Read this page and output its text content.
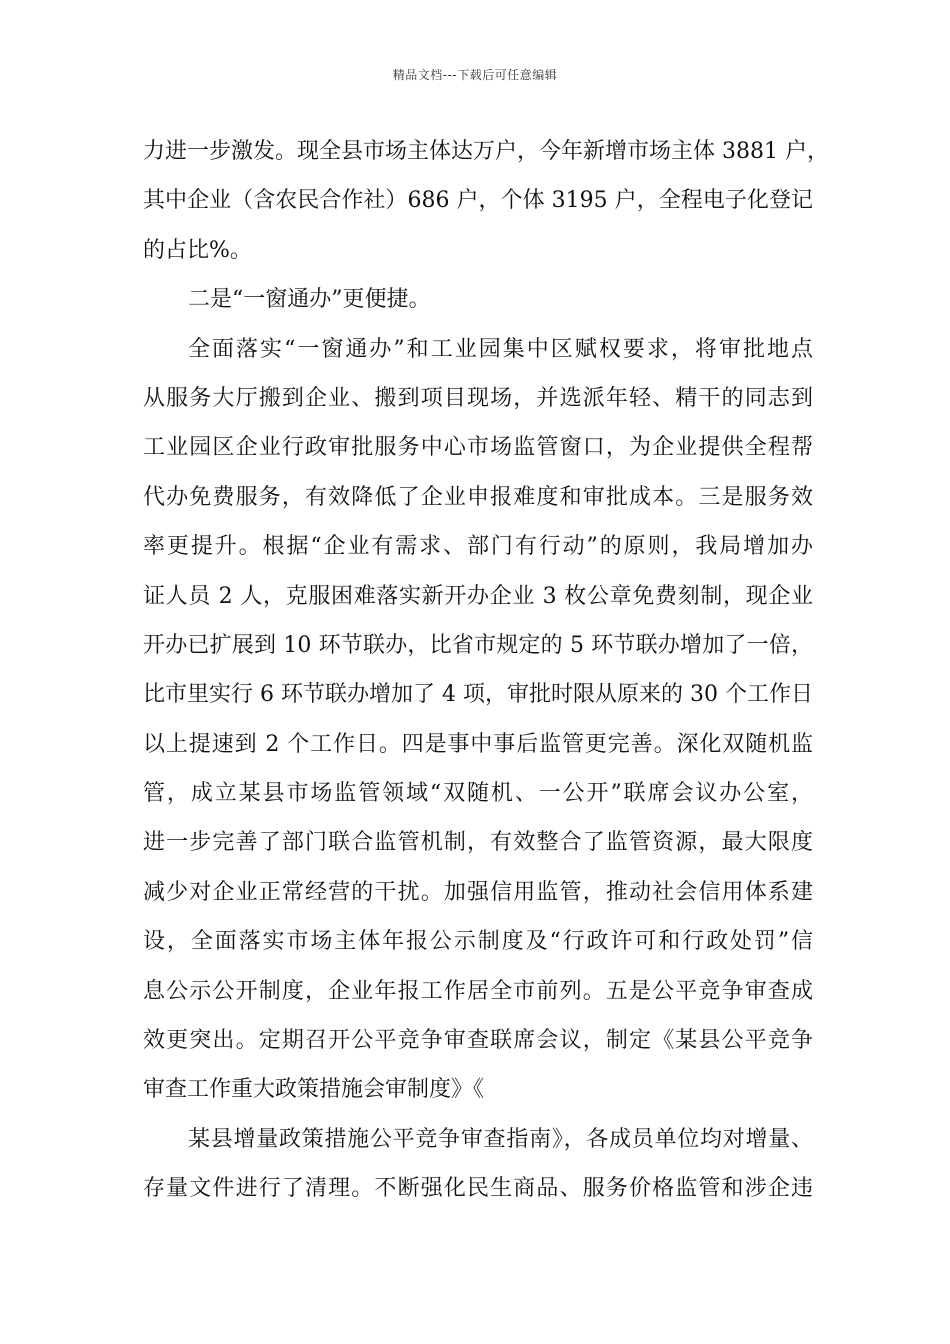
精品文档---下载后可任意编辑
力进一步激发。现全县市场主体达万户，今年新增市场主体 3881 户，
其中企业（含农民合作社）686 户，个体 3195 户，全程电子化登记
的占比%。
二是“一窗通办”更便捷。
全面落实“一窗通办”和工业园集中区赋权要求，将审批地点
从服务大厅搬到企业、搬到项目现场，并选派年轻、精干的同志到
工业园区企业行政审批服务中心市场监管窗口，为企业提供全程帮
代办免费服务，有效降低了企业申报难度和审批成本。三是服务效
率更提升。根据“企业有需求、部门有行动”的原则，我局增加办
证人员 2 人，克服困难落实新开办企业 3 枚公章免费刻制，现企业
开办已扩展到 10 环节联办，比省市规定的 5 环节联办增加了一倍，
比市里实行 6 环节联办增加了 4 项，审批时限从原来的 30 个工作日
以上提速到 2 个工作日。四是事中事后监管更完善。深化双随机监
管，成立某县市场监管领域“双随机、一公开”联席会议办公室，
进一步完善了部门联合监管机制，有效整合了监管资源，最大限度
减少对企业正常经营的干扰。加强信用监管，推动社会信用体系建
设，全面落实市场主体年报公示制度及“行政许可和行政处罚”信
息公示公开制度，企业年报工作居全市前列。五是公平竞争审查成
效更突出。定期召开公平竞争审查联席会议，制定《某县公平竞争
审查工作重大政策措施会审制度》《
某县增量政策措施公平竞争审查指南》，各成员单位均对增量、
存量文件进行了清理。不断强化民生商品、服务价格监管和涉企违
